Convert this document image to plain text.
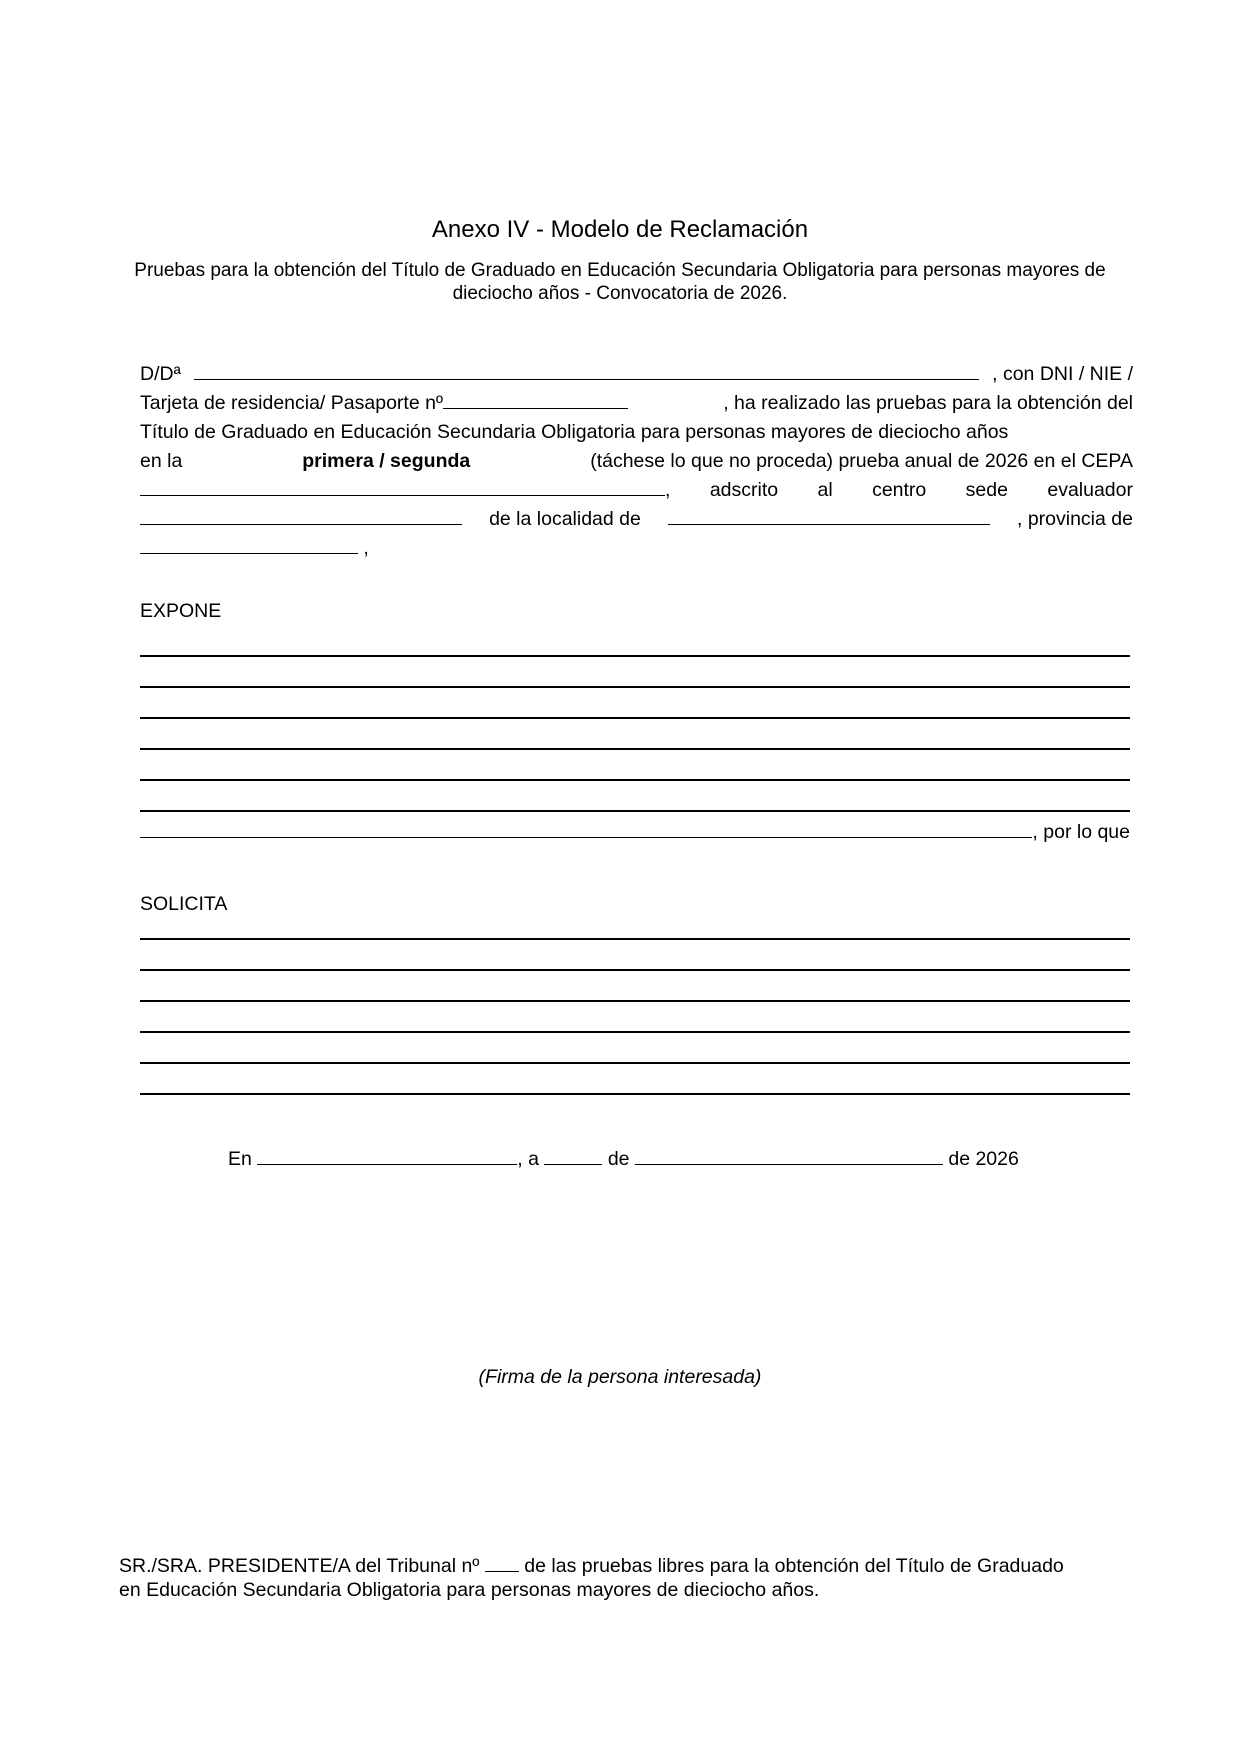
Anexo IV - Modelo de Reclamación
Pruebas para la obtención del Título de Graduado en Educación Secundaria Obligatoria para personas mayores de dieciocho años - Convocatoria de 2026.
D/Dª	, con DNI / NIE /
Tarjeta de residencia/ Pasaporte nº	, ha realizado las pruebas para la obtención del
Título de Graduado en Educación Secundaria Obligatoria para personas mayores de dieciocho años
en la	primera / segunda	(táchese lo que no proceda) prueba anual de 2026 en el CEPA
, adscrito al centro sede evaluador
de la localidad de	, provincia de
,
EXPONE
, por lo que
SOLICITA
En	, a	de	de 2026
(Firma de la persona interesada)
SR./SRA. PRESIDENTE/A del Tribunal nº de las pruebas libres para la obtención del Título de Graduado
en Educación Secundaria Obligatoria para personas mayores de dieciocho años.
